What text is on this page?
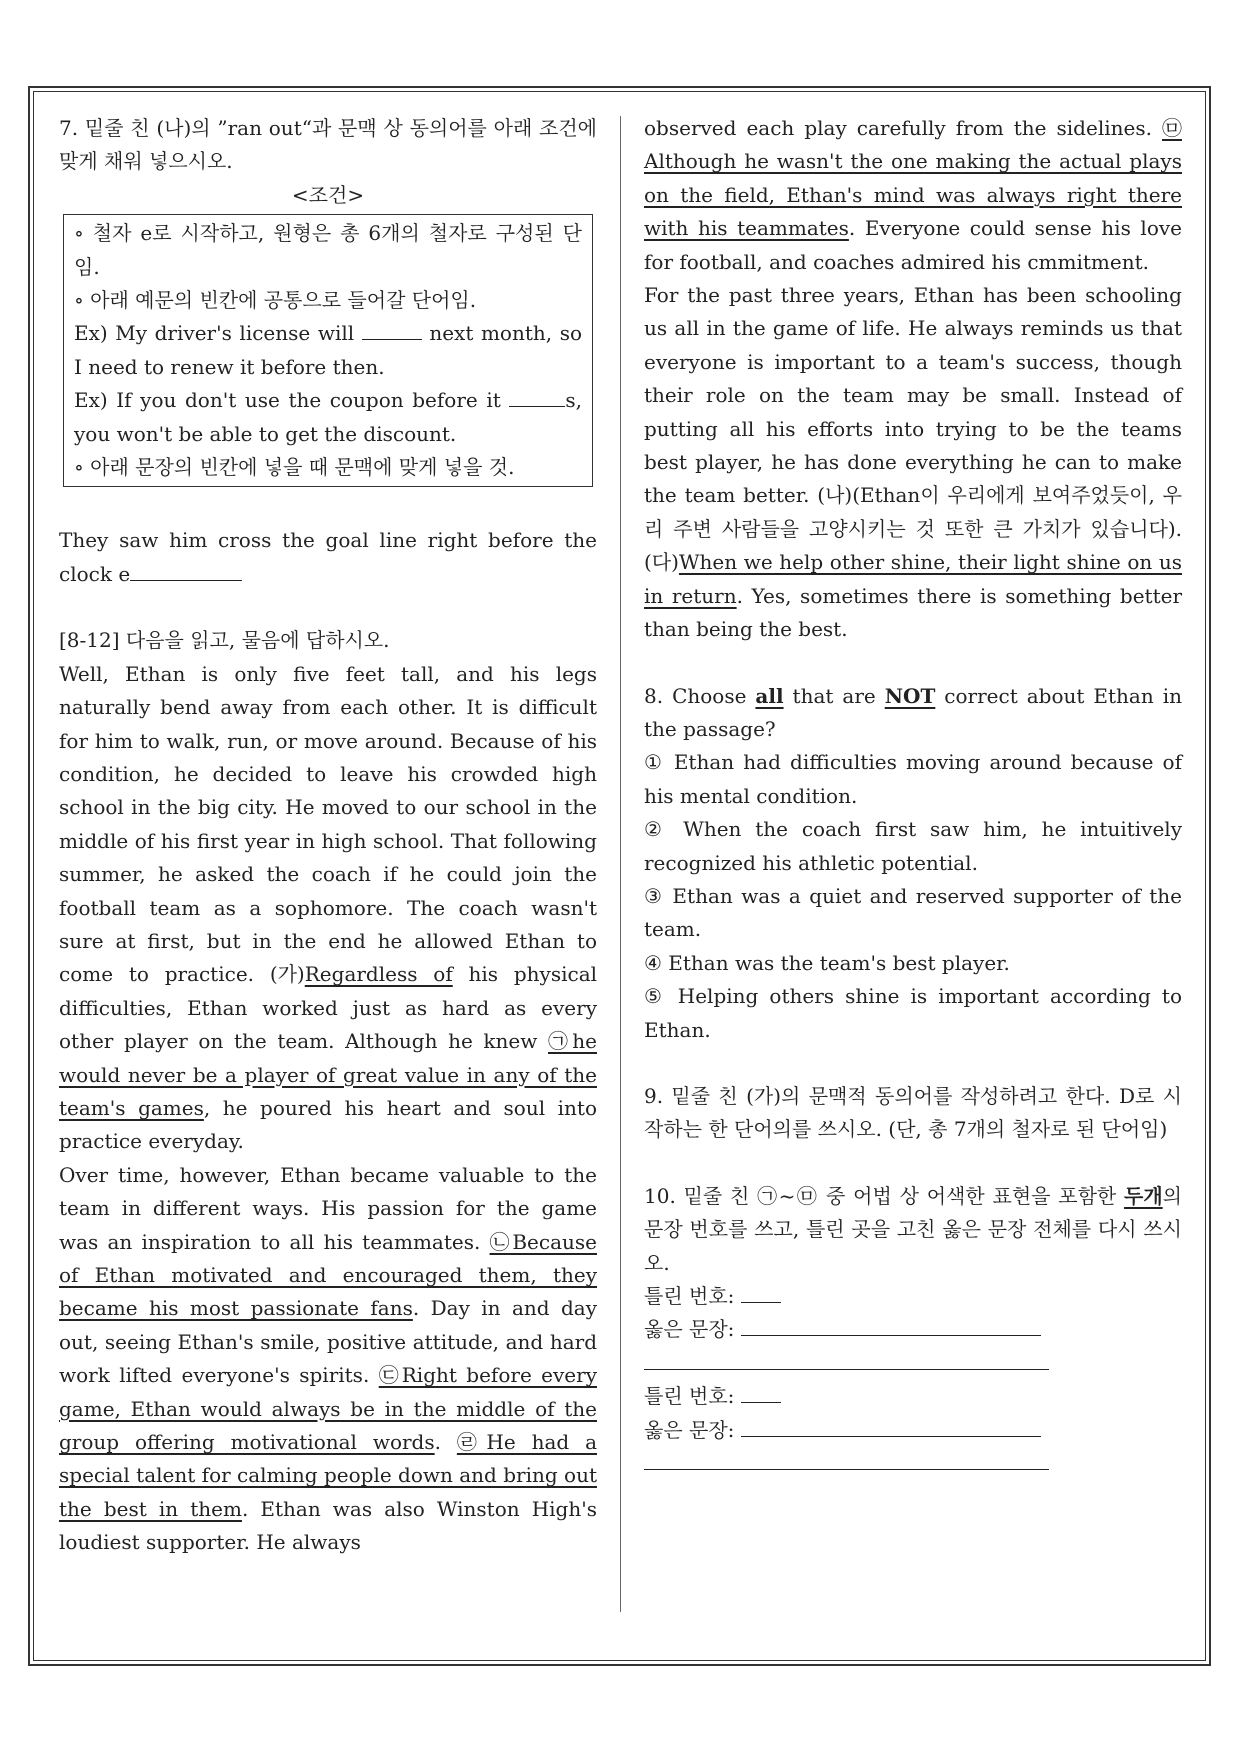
7. 밑줄 친 (나)의 ”ran out“과 문맥 상 동의어를 아래 조건에 맞게 채워 넣으시오.

<조건>

∘ 철자 e로 시작하고, 원형은 총 6개의 철자로 구성된 단임.

∘ 아래 예문의 빈칸에 공통으로 들어갈 단어임.

Ex) My driver's license will	next month, so I need to renew it before then.

Ex) If you don't use the coupon before it	s, you won't be able to get the discount.

∘ 아래 문장의 빈칸에 넣을 때 문맥에 맞게 넣을 것.

They saw him cross the goal line right before the clock e

[8-12] 다음을 읽고, 물음에 답하시오.

Well, Ethan is only five feet tall, and his legs naturally bend away from each other. It is difficult for him to walk, run, or move around. Because of his condition, he decided to leave his crowded high school in the big city. He moved to our school in the middle of his first year in high school. That following summer, he asked the coach if he could join the football team as a sophomore. The coach wasn't sure at first, but in the end he allowed Ethan to come to practice. (가)Regardless of his physical difficulties, Ethan worked just as hard as every other player on the team. Although he knew ㉠he would never be a player of great value in any of the team's games, he poured his heart and soul into practice everyday.

Over time, however, Ethan became valuable to the team in different ways. His passion for the game was an inspiration to all his teammates. ㉡Because of Ethan motivated and encouraged them, they became his most passionate fans. Day in and day out, seeing Ethan's smile, positive attitude, and hard work lifted everyone's spirits. ㉢Right before every game, Ethan would always be in the middle of the group offering motivational words. ㉣He had a special talent for calming people down and bring out the best in them. Ethan was also Winston High's loudiest supporter. He always

observed each play carefully from the sidelines. ㉤Although he wasn't the one making the actual plays on the field, Ethan's mind was always right there with his teammates. Everyone could sense his love for football, and coaches admired his cmmitment.

For the past three years, Ethan has been schooling us all in the game of life. He always reminds us that everyone is important to a team's success, though their role on the team may be small. Instead of putting all his efforts into trying to be the teams best player, he has done everything he can to make the team better. (나)(Ethan이 우리에게 보여주었듯이, 우리 주변 사람들을 고양시키는 것 또한 큰 가치가 있습니다). (다)When we help other shine, their light shine on us in return. Yes, sometimes there is something better than being the best.

8. Choose all that are NOT correct about Ethan in the passage?

① Ethan had difficulties moving around because of his mental condition.
② When the coach first saw him, he intuitively recognized his athletic potential.
③ Ethan was a quiet and reserved supporter of the team.
④ Ethan was the team's best player.
⑤ Helping others shine is important according to Ethan.

9. 밑줄 친 (가)의 문맥적 동의어를 작성하려고 한다. D로 시작하는 한 단어의를 쓰시오. (단, 총 7개의 철자로 된 단어임)

10. 밑줄 친 ㉠~㉤ 중 어법 상 어색한 표현을 포함한 두개의 문장 번호를 쓰고, 틀린 곳을 고친 옳은 문장 전체를 다시 쓰시오.

틀린 번호:
옳은 문장:
틀린 번호:
옳은 문장:
